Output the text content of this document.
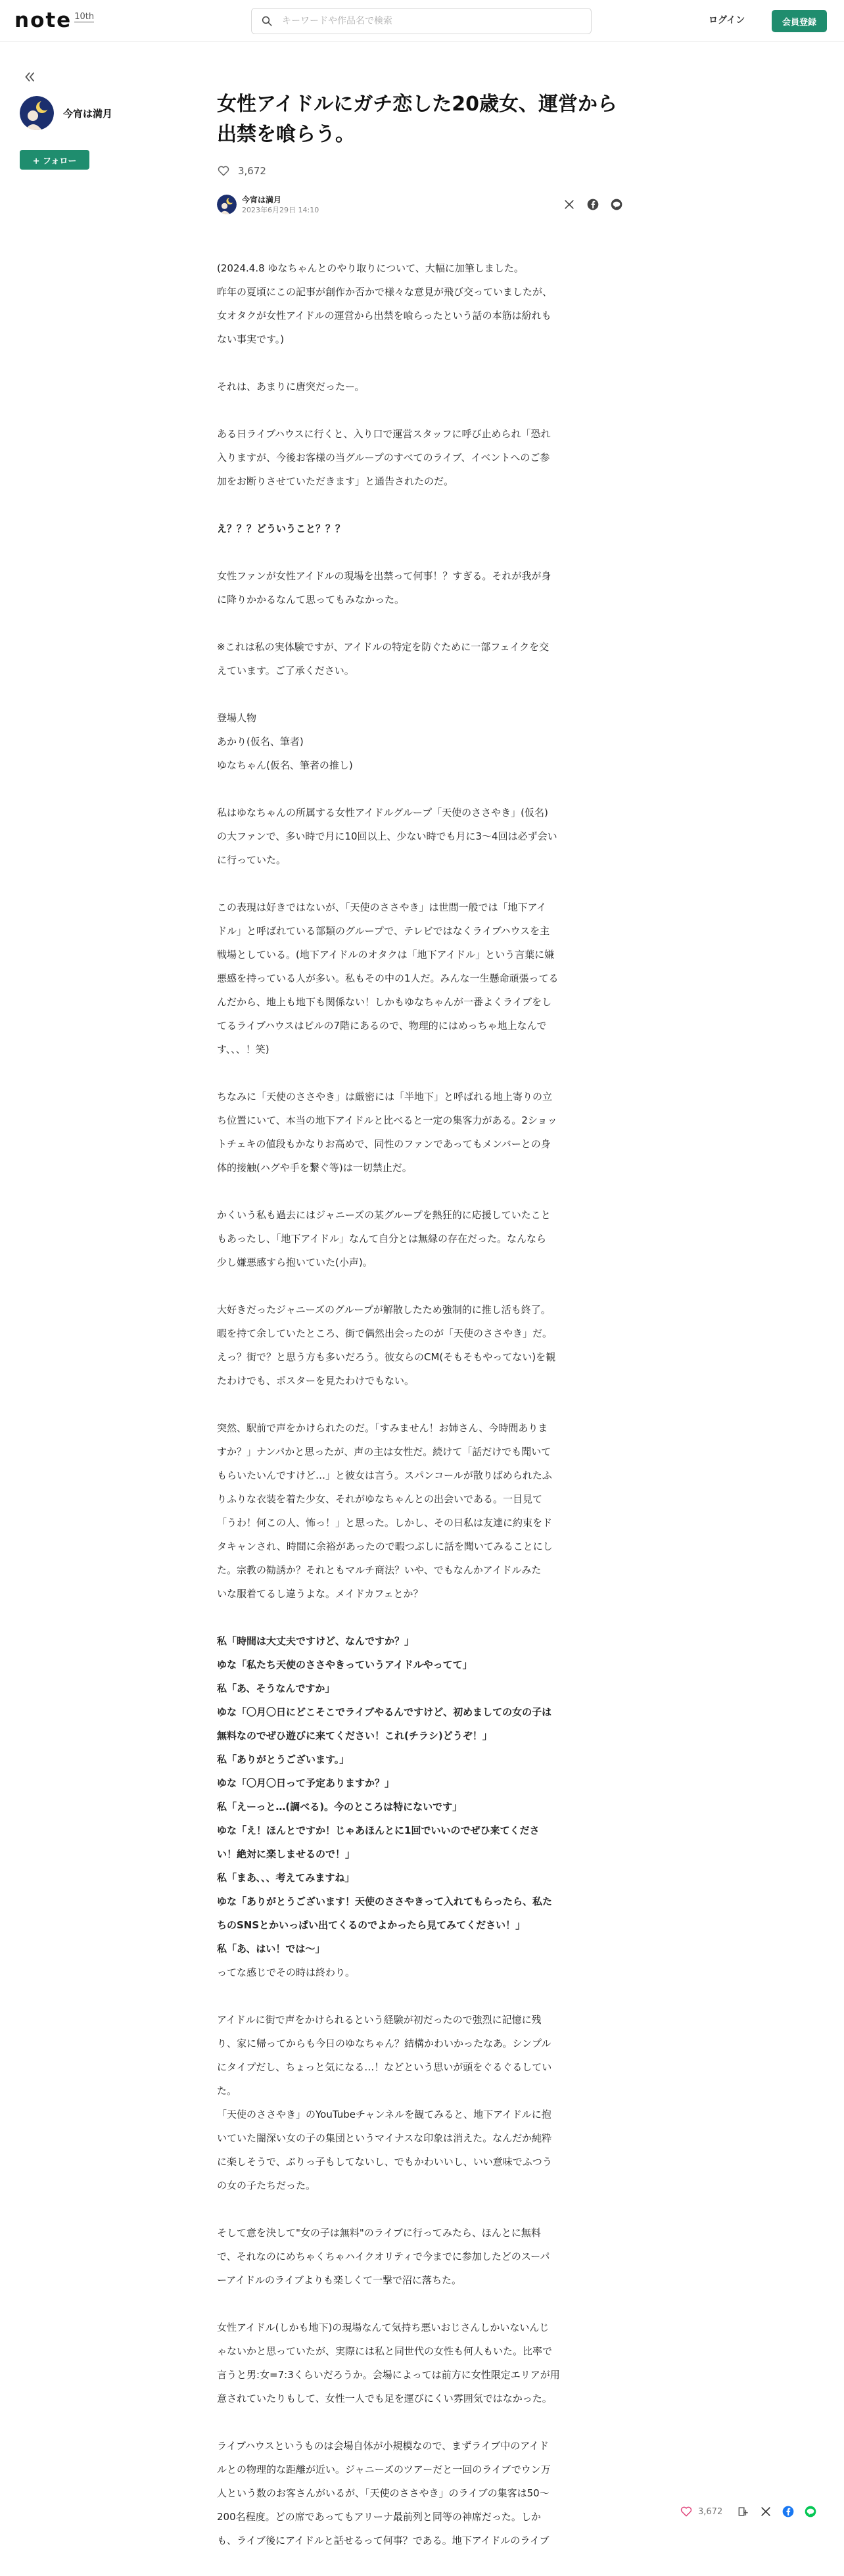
note 10th
キーワードや作品名で検索	ログイン	会員登録
今宵は満月
+ フォロー
女性アイドルにガチ恋した20歳女、運営から出禁を喰らう。
3,672
今宵は満月
2023年6月29日 14:10

(2024.4.8 ゆなちゃんとのやり取りについて、大幅に加筆しました。
昨年の夏頃にこの記事が創作か否かで様々な意見が飛び交っていましたが、
女オタクが女性アイドルの運営から出禁を喰らったという話の本筋は紛れも
ない事実です。)

それは、あまりに唐突だったー。

ある日ライブハウスに行くと、入り口で運営スタッフに呼び止められ「恐れ
入りますが、今後お客様の当グループのすべてのライブ、イベントへのご参
加をお断りさせていただきます」と通告されたのだ。

え？？？どういうこと？？？

女性ファンが女性アイドルの現場を出禁って何事！？すぎる。それが我が身
に降りかかるなんて思ってもみなかった。

※これは私の実体験ですが、アイドルの特定を防ぐために一部フェイクを交
えています。ご了承ください。

登場人物
あかり(仮名、筆者)
ゆなちゃん(仮名、筆者の推し)

私はゆなちゃんの所属する女性アイドルグループ「天使のささやき」(仮名)
の大ファンで、多い時で月に10回以上、少ない時でも月に3〜4回は必ず会い
に行っていた。

この表現は好きではないが、「天使のささやき」は世間一般では「地下アイ
ドル」と呼ばれている部類のグループで、テレビではなくライブハウスを主
戦場としている。(地下アイドルのオタクは「地下アイドル」という言葉に嫌
悪感を持っている人が多い。私もその中の1人だ。みんな一生懸命頑張ってる
んだから、地上も地下も関係ない！しかもゆなちゃんが一番よくライブをし
てるライブハウスはビルの7階にあるので、物理的にはめっちゃ地上なんで
す、、、！笑)

ちなみに「天使のささやき」は厳密には「半地下」と呼ばれる地上寄りの立
ち位置にいて、本当の地下アイドルと比べると一定の集客力がある。2ショッ
トチェキの値段もかなりお高めで、同性のファンであってもメンバーとの身
体的接触(ハグや手を繋ぐ等)は一切禁止だ。

かくいう私も過去にはジャニーズの某グループを熱狂的に応援していたこと
もあったし、「地下アイドル」なんて自分とは無縁の存在だった。なんなら
少し嫌悪感すら抱いていた(小声)。

大好きだったジャニーズのグループが解散したため強制的に推し活も終了。
暇を持て余していたところ、街で偶然出会ったのが「天使のささやき」だ。
えっ？街で？と思う方も多いだろう。彼女らのCM(そもそもやってない)を観
たわけでも、ポスターを見たわけでもない。

突然、駅前で声をかけられたのだ。「すみません！お姉さん、今時間ありま
すか？」ナンパかと思ったが、声の主は女性だ。続けて「話だけでも聞いて
もらいたいんですけど…」と彼女は言う。スパンコールが散りばめられたふ
りふりな衣装を着た少女、それがゆなちゃんとの出会いである。一目見て
「うわ！何この人、怖っ！」と思った。しかし、その日私は友達に約束をド
タキャンされ、時間に余裕があったので暇つぶしに話を聞いてみることにし
た。宗教の勧誘か？それともマルチ商法？いや、でもなんかアイドルみた
いな服着てるし違うよな。メイドカフェとか？

私「時間は大丈夫ですけど、なんですか？」
ゆな「私たち天使のささやきっていうアイドルやってて」
私「あ、そうなんですか」
ゆな「〇月〇日にどこそこでライブやるんですけど、初めましての女の子は
無料なのでぜひ遊びに来てください！これ(チラシ)どうぞ！」
私「ありがとうございます。」
ゆな「〇月〇日って予定ありますか？」
私「えーっと…(調べる)。今のところは特にないです」
ゆな「え！ほんとですか！じゃあほんとに1回でいいのでぜひ来てくださ
い！絶対に楽しませるので！」
私「まあ、、、考えてみますね」
ゆな「ありがとうございます！天使のささやきって入れてもらったら、私た
ちのSNSとかいっぱい出てくるのでよかったら見てみてください！」
私「あ、はい！では〜」
ってな感じでその時は終わり。

アイドルに街で声をかけられるという経験が初だったので強烈に記憶に残
り、家に帰ってからも今日のゆなちゃん？結構かわいかったなあ。シンプル
にタイプだし、ちょっと気になる…！などという思いが頭をぐるぐるしてい
た。
「天使のささやき」のYouTubeチャンネルを観てみると、地下アイドルに抱
いていた闇深い女の子の集団というマイナスな印象は消えた。なんだか純粋
に楽しそうで、ぶりっ子もしてないし、でもかわいいし、いい意味でふつう
の女の子たちだった。

そして意を決して"女の子は無料"のライブに行ってみたら、ほんとに無料
で、それなのにめちゃくちゃハイクオリティで今までに参加したどのスーパ
ーアイドルのライブよりも楽しくて一撃で沼に落ちた。

女性アイドル(しかも地下)の現場なんて気持ち悪いおじさんしかいないんじ
ゃないかと思っていたが、実際には私と同世代の女性も何人もいた。比率で
言うと男:女=7:3くらいだろうか。会場によっては前方に女性限定エリアが用
意されていたりもして、女性一人でも足を運びにくい雰囲気ではなかった。

ライブハウスというものは会場自体が小規模なので、まずライブ中のアイド
ルとの物理的な距離が近い。ジャニーズのツアーだと一回のライブでウン万
人という数のお客さんがいるが、「天使のささやき」のライブの集客は50〜
200名程度。どの席であってもアリーナ最前列と同等の神席だった。しか
も、ライブ後にアイドルと話せるって何事？である。地下アイドルのライブ

3,672
